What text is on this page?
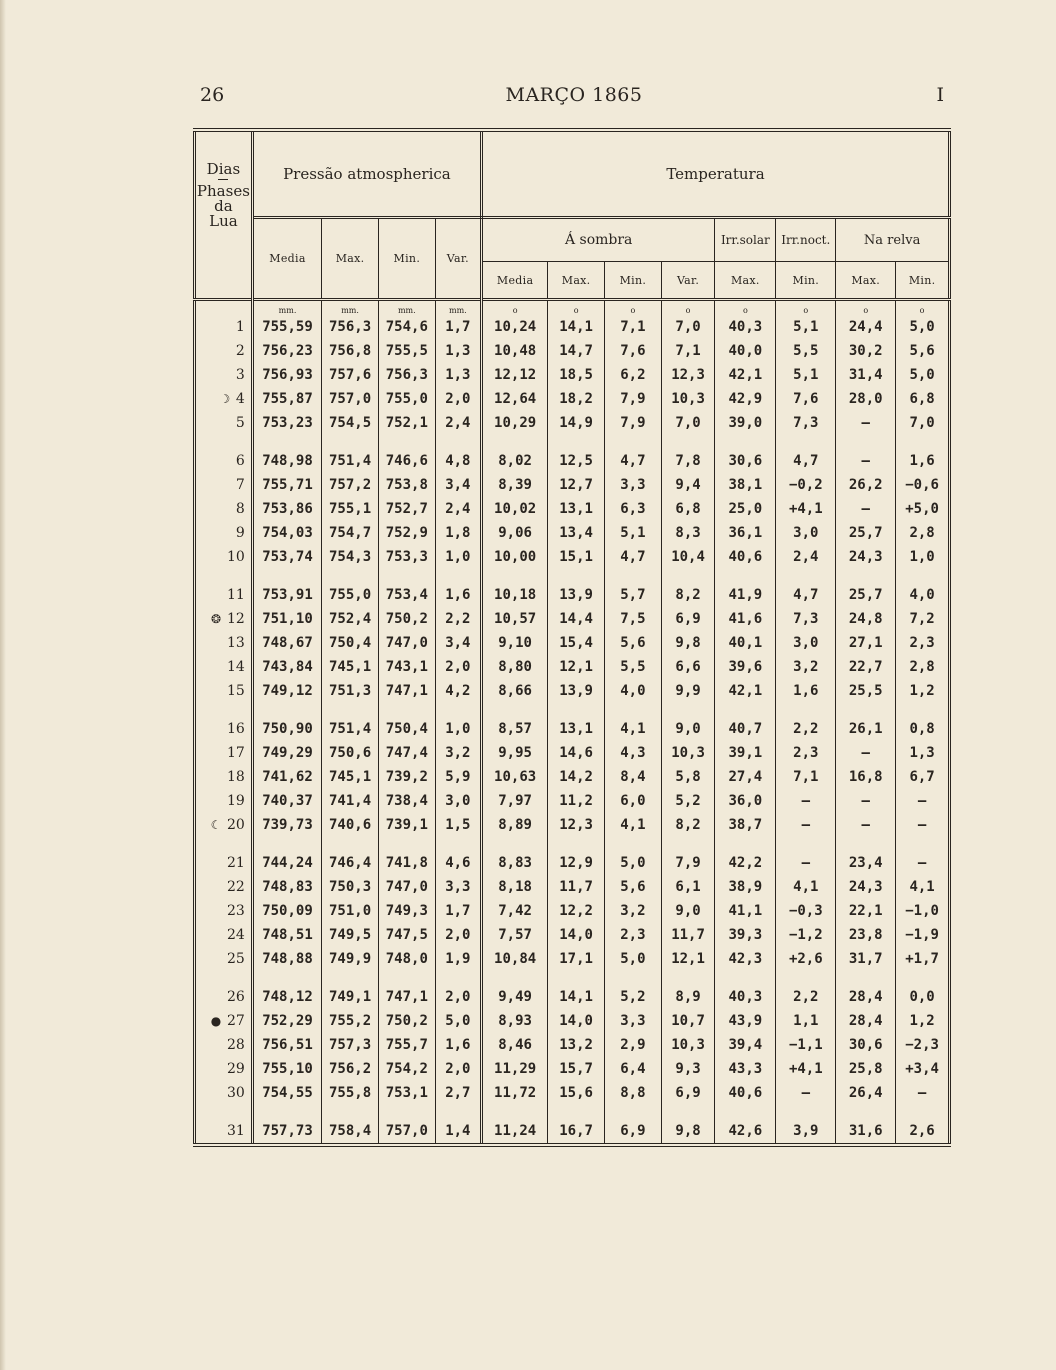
26	MARÇO 1865	I
Dias
Phases
da
Lua	Pressão atmospherica				Temperatura							
	Media	Max.	Min.	Var.	Á sombra				Irr.solar	Irr.noct.	Na relva	
					Media	Max.	Min.	Var.	Max.	Min.	Max.	Min.
	mm.	mm.	mm.	mm.	o	o	o	o	o	o	o	o
1	755,59	756,3	754,6	1,7	10,24	14,1	7,1	7,0	40,3	5,1	24,4	5,0
2	756,23	756,8	755,5	1,3	10,48	14,7	7,6	7,1	40,0	5,5	30,2	5,6
3	756,93	757,6	756,3	1,3	12,12	18,5	6,2	12,3	42,1	5,1	31,4	5,0
☽ 4	755,87	757,0	755,0	2,0	12,64	18,2	7,9	10,3	42,9	7,6	28,0	6,8
5	753,23	754,5	752,1	2,4	10,29	14,9	7,9	7,0	39,0	7,3	—	7,0

6	748,98	751,4	746,6	4,8	8,02	12,5	4,7	7,8	30,6	4,7	—	1,6
7	755,71	757,2	753,8	3,4	8,39	12,7	3,3	9,4	38,1	−0,2	26,2	−0,6
8	753,86	755,1	752,7	2,4	10,02	13,1	6,3	6,8	25,0	+4,1	—	+5,0
9	754,03	754,7	752,9	1,8	9,06	13,4	5,1	8,3	36,1	3,0	25,7	2,8
10	753,74	754,3	753,3	1,0	10,00	15,1	4,7	10,4	40,6	2,4	24,3	1,0

11	753,91	755,0	753,4	1,6	10,18	13,9	5,7	8,2	41,9	4,7	25,7	4,0
❂ 12	751,10	752,4	750,2	2,2	10,57	14,4	7,5	6,9	41,6	7,3	24,8	7,2
13	748,67	750,4	747,0	3,4	9,10	15,4	5,6	9,8	40,1	3,0	27,1	2,3
14	743,84	745,1	743,1	2,0	8,80	12,1	5,5	6,6	39,6	3,2	22,7	2,8
15	749,12	751,3	747,1	4,2	8,66	13,9	4,0	9,9	42,1	1,6	25,5	1,2

16	750,90	751,4	750,4	1,0	8,57	13,1	4,1	9,0	40,7	2,2	26,1	0,8
17	749,29	750,6	747,4	3,2	9,95	14,6	4,3	10,3	39,1	2,3	—	1,3
18	741,62	745,1	739,2	5,9	10,63	14,2	8,4	5,8	27,4	7,1	16,8	6,7
19	740,37	741,4	738,4	3,0	7,97	11,2	6,0	5,2	36,0	—	—	—
☾ 20	739,73	740,6	739,1	1,5	8,89	12,3	4,1	8,2	38,7	—	—	—

21	744,24	746,4	741,8	4,6	8,83	12,9	5,0	7,9	42,2	—	23,4	—
22	748,83	750,3	747,0	3,3	8,18	11,7	5,6	6,1	38,9	4,1	24,3	4,1
23	750,09	751,0	749,3	1,7	7,42	12,2	3,2	9,0	41,1	−0,3	22,1	−1,0
24	748,51	749,5	747,5	2,0	7,57	14,0	2,3	11,7	39,3	−1,2	23,8	−1,9
25	748,88	749,9	748,0	1,9	10,84	17,1	5,0	12,1	42,3	+2,6	31,7	+1,7

26	748,12	749,1	747,1	2,0	9,49	14,1	5,2	8,9	40,3	2,2	28,4	0,0
● 27	752,29	755,2	750,2	5,0	8,93	14,0	3,3	10,7	43,9	1,1	28,4	1,2
28	756,51	757,3	755,7	1,6	8,46	13,2	2,9	10,3	39,4	−1,1	30,6	−2,3
29	755,10	756,2	754,2	2,0	11,29	15,7	6,4	9,3	43,3	+4,1	25,8	+3,4
30	754,55	755,8	753,1	2,7	11,72	15,6	8,8	6,9	40,6	—	26,4	—

31	757,73	758,4	757,0	1,4	11,24	16,7	6,9	9,8	42,6	3,9	31,6	2,6
